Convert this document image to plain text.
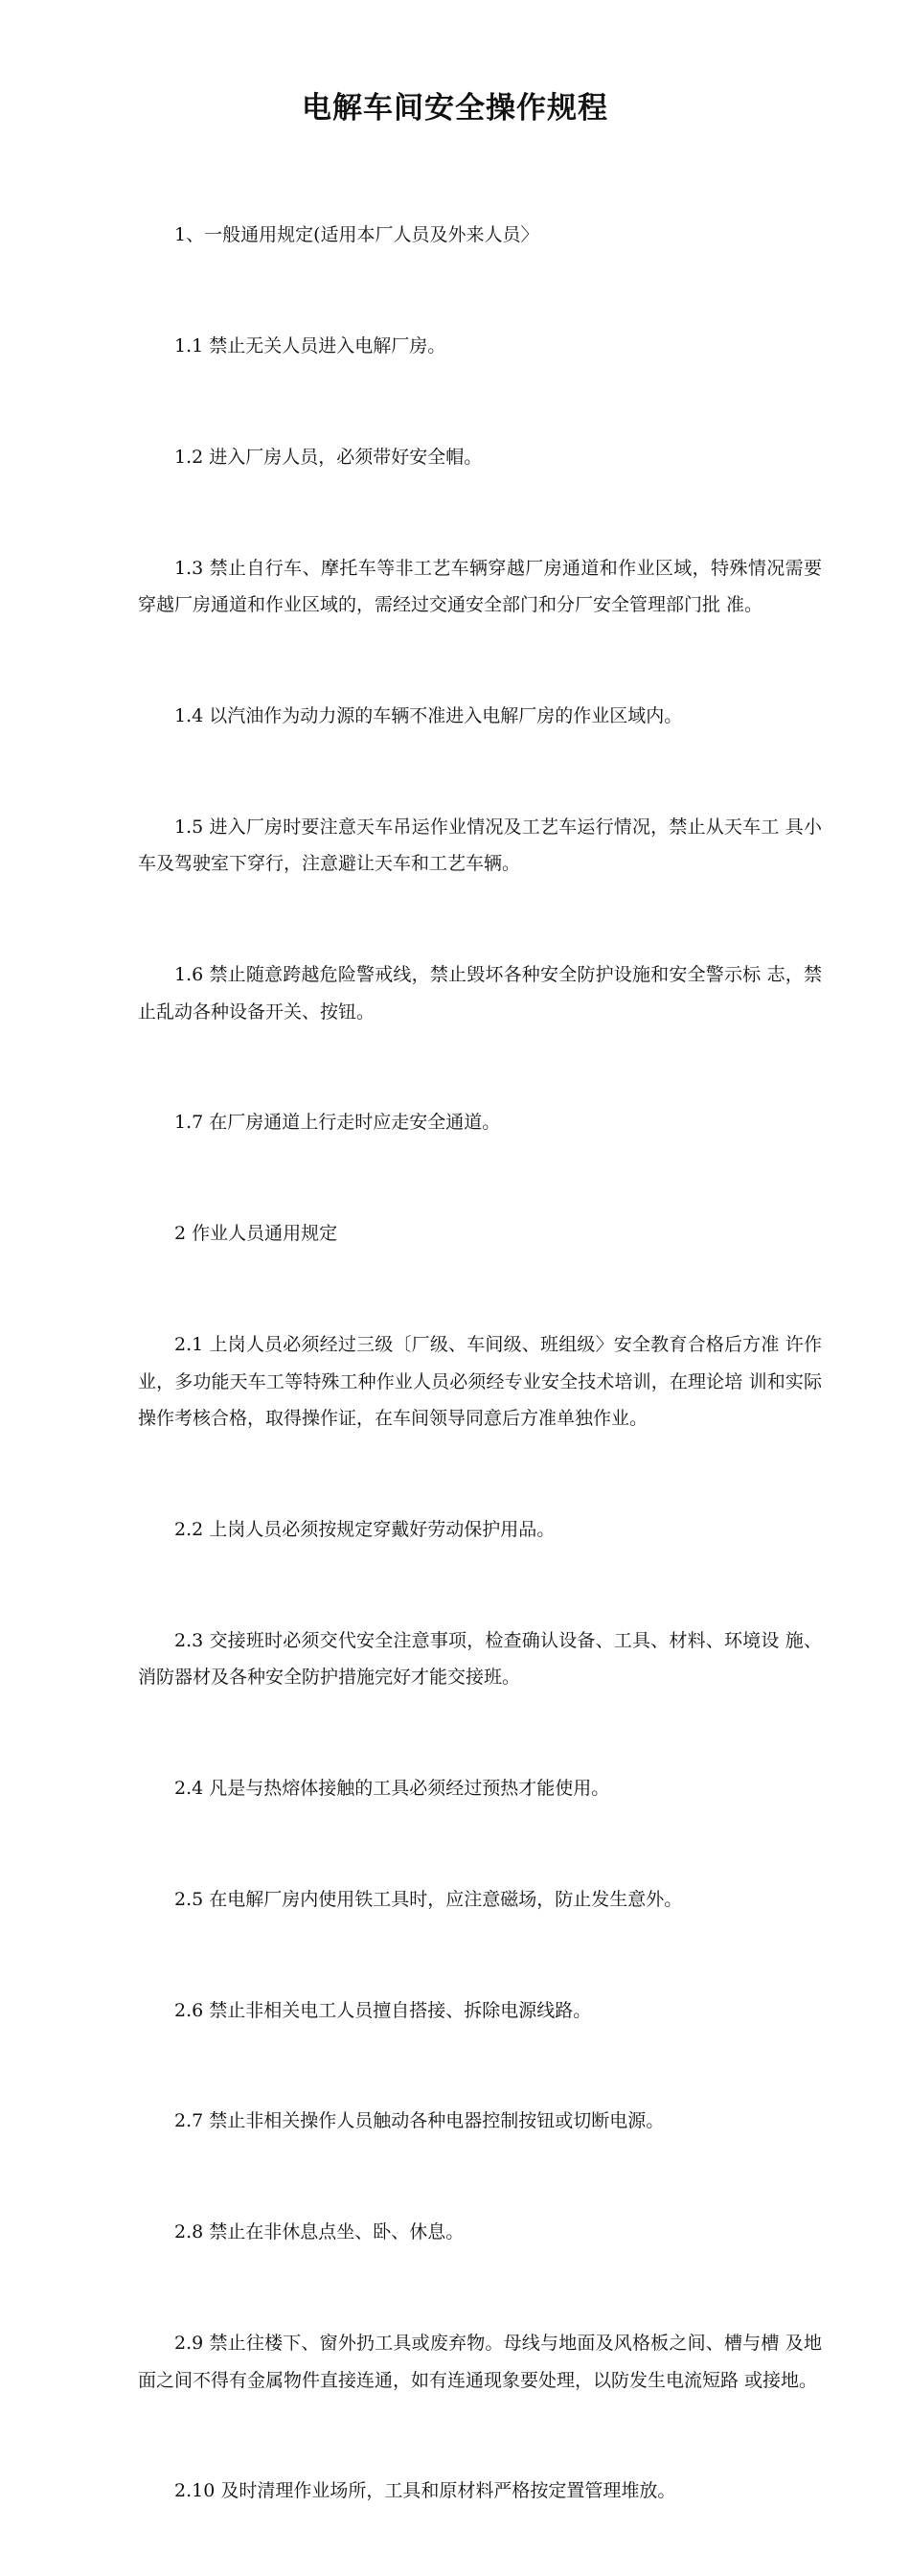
电解车间安全操作规程

1、一般通用规定(适用本厂人员及外来人员〉

1.1 禁止无关人员进入电解厂房。

1.2 进入厂房人员，必须带好安全帽。

1.3 禁止自行车、摩托车等非工艺车辆穿越厂房通道和作业区域，特殊情况需要穿越厂房通道和作业区域的，需经过交通安全部门和分厂安全管理部门批 准。

1.4 以汽油作为动力源的车辆不准进入电解厂房的作业区域内。

1.5 进入厂房时要注意天车吊运作业情况及工艺车运行情况，禁止从天车工 具小车及驾驶室下穿行，注意避让天车和工艺车辆。

1.6 禁止随意跨越危险警戒线，禁止毁坏各种安全防护设施和安全警示标 志，禁止乱动各种设备开关、按钮。

1.7 在厂房通道上行走时应走安全通道。

2 作业人员通用规定

2.1 上岗人员必须经过三级〔厂级、车间级、班组级〉安全教育合格后方准 许作业，多功能天车工等特殊工种作业人员必须经专业安全技术培训，在理论培 训和实际操作考核合格，取得操作证，在车间领导同意后方准单独作业。

2.2 上岗人员必须按规定穿戴好劳动保护用品。

2.3 交接班时必须交代安全注意事项，检查确认设备、工具、材料、环境设 施、消防器材及各种安全防护措施完好才能交接班。

2.4 凡是与热熔体接触的工具必须经过预热才能使用。

2.5 在电解厂房内使用铁工具时，应注意磁场，防止发生意外。

2.6 禁止非相关电工人员擅自搭接、拆除电源线路。

2.7 禁止非相关操作人员触动各种电器控制按钮或切断电源。

2.8 禁止在非休息点坐、卧、休息。

2.9 禁止往楼下、窗外扔工具或废弃物。母线与地面及风格板之间、槽与槽 及地面之间不得有金属物件直接连通，如有连通现象要处理，以防发生电流短路 或接地。

2.10 及时清理作业场所，工具和原材料严格按定置管理堆放。
